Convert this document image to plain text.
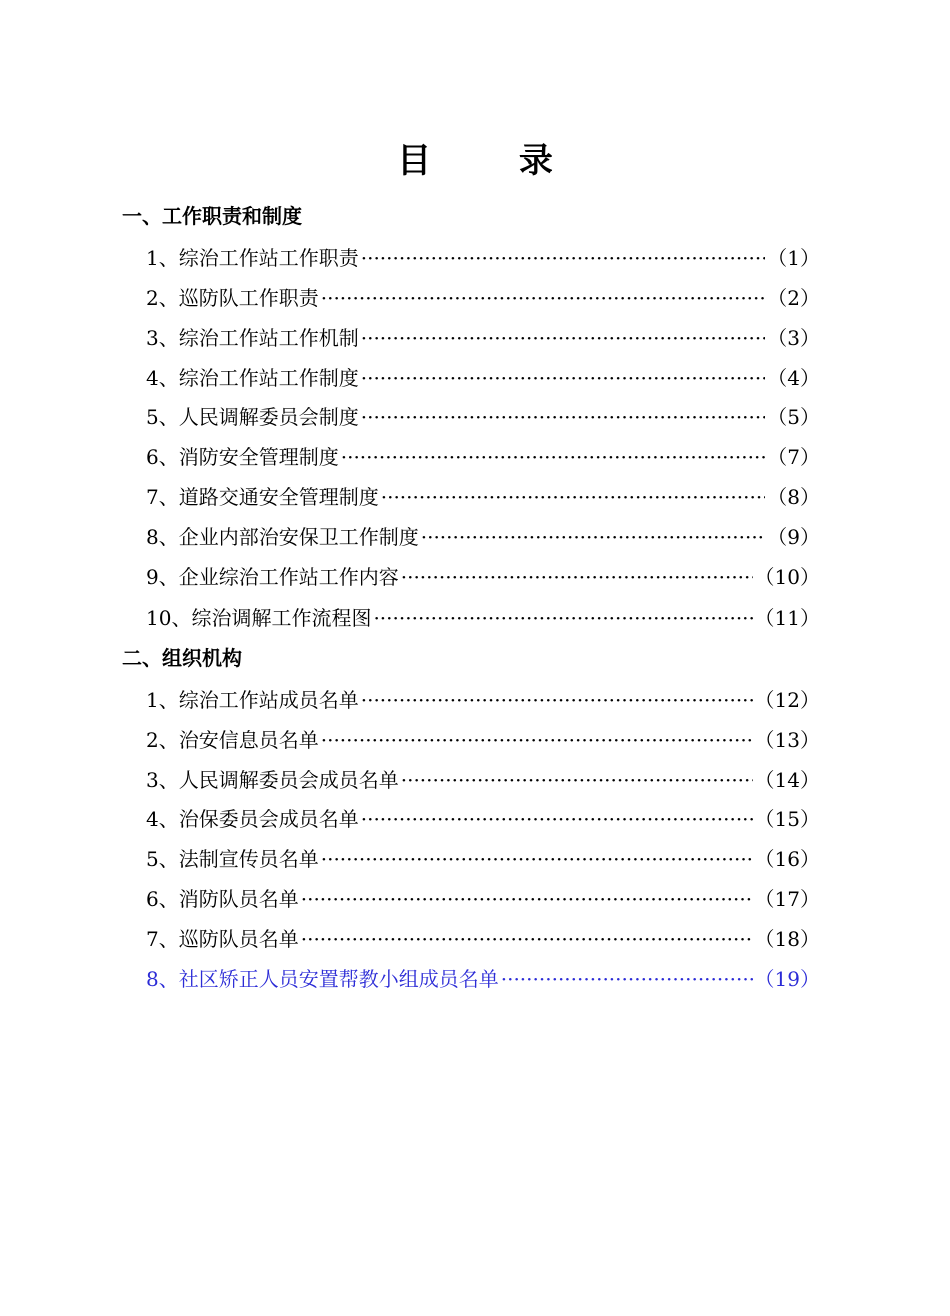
目 录
一、工作职责和制度
1、综治工作站工作职责 ·····	（1）
2、巡防队工作职责 ·····	（2）
3、综治工作站工作机制 ·····	（3）
4、综治工作站工作制度 ·····	（4）
5、人民调解委员会制度 ·····	（5）
6、消防安全管理制度 ·····	（7）
7、道路交通安全管理制度 ·····	（8）
8、企业内部治安保卫工作制度 ·····	（9）
9、企业综治工作站工作内容 ·····	（10）
10、综治调解工作流程图 ·····	（11）
二、组织机构
1、综治工作站成员名单 ·····	（12）
2、治安信息员名单 ·····	（13）
3、人民调解委员会成员名单 ·····	（14）
4、治保委员会成员名单 ·····	（15）
5、法制宣传员名单 ·····	（16）
6、消防队员名单 ·····	（17）
7、巡防队员名单 ·····	（18）
8、社区矫正人员安置帮教小组成员名单 ·····	（19）
